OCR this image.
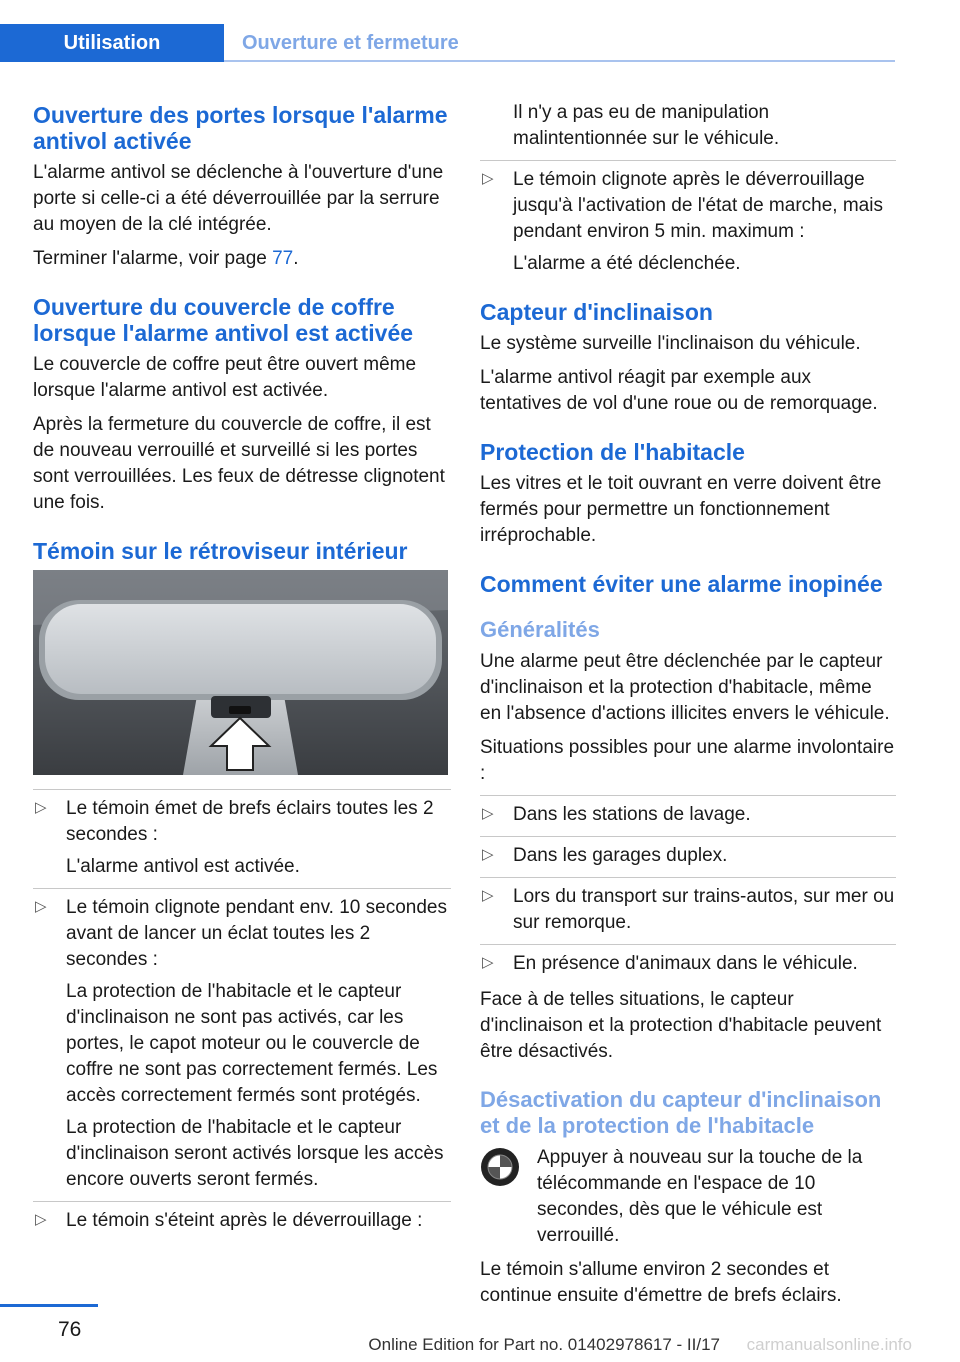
Utilisation	Ouverture et fermeture
Ouverture des portes lorsque l'alarme antivol activée

L'alarme antivol se déclenche à l'ouverture d'une porte si celle-ci a été déverrouillée par la serrure au moyen de la clé intégrée.

Terminer l'alarme, voir page 77.

Ouverture du couvercle de coffre lorsque l'alarme antivol est activée

Le couvercle de coffre peut être ouvert même lorsque l'alarme antivol est activée.

Après la fermeture du couvercle de coffre, il est de nouveau verrouillé et surveillé si les portes sont verrouillées. Les feux de détresse clignotent une fois.

Témoin sur le rétroviseur intérieur
▷ Le témoin émet de brefs éclairs toutes les 2 secondes :

L'alarme antivol est activée.

▷ Le témoin clignote pendant env. 10 secondes avant de lancer un éclat toutes les 2 secondes :

La protection de l'habitacle et le capteur d'inclinaison ne sont pas activés, car les portes, le capot moteur ou le couvercle de coffre ne sont pas correctement fermés. Les accès correctement fermés sont protégés.

La protection de l'habitacle et le capteur d'inclinaison seront activés lorsque les accès encore ouverts seront fermés.

▷ Le témoin s'éteint après le déverrouillage :

Il n'y a pas eu de manipulation malintentionnée sur le véhicule.

▷ Le témoin clignote après le déverrouillage jusqu'à l'activation de l'état de marche, mais pendant environ 5 min. maximum :

L'alarme a été déclenchée.

Capteur d'inclinaison

Le système surveille l'inclinaison du véhicule.

L'alarme antivol réagit par exemple aux tentatives de vol d'une roue ou de remorquage.

Protection de l'habitacle

Les vitres et le toit ouvrant en verre doivent être fermés pour permettre un fonctionnement irréprochable.

Comment éviter une alarme inopinée
Généralités

Une alarme peut être déclenchée par le capteur d'inclinaison et la protection d'habitacle, même en l'absence d'actions illicites envers le véhicule.

Situations possibles pour une alarme involontaire :

▷ Dans les stations de lavage.

▷ Dans les garages duplex.

▷ Lors du transport sur trains-autos, sur mer ou sur remorque.

▷ En présence d'animaux dans le véhicule.

Face à de telles situations, le capteur d'inclinaison et la protection d'habitacle peuvent être désactivés.

Désactivation du capteur d'inclinaison et de la protection de l'habitacle

Appuyer à nouveau sur la touche de la télécommande en l'espace de 10 secondes, dès que le véhicule est verrouillé.

Le témoin s'allume environ 2 secondes et continue ensuite d'émettre de brefs éclairs.

76
Online Edition for Part no. 01402978617 - II/17 carmanualsonline.info
